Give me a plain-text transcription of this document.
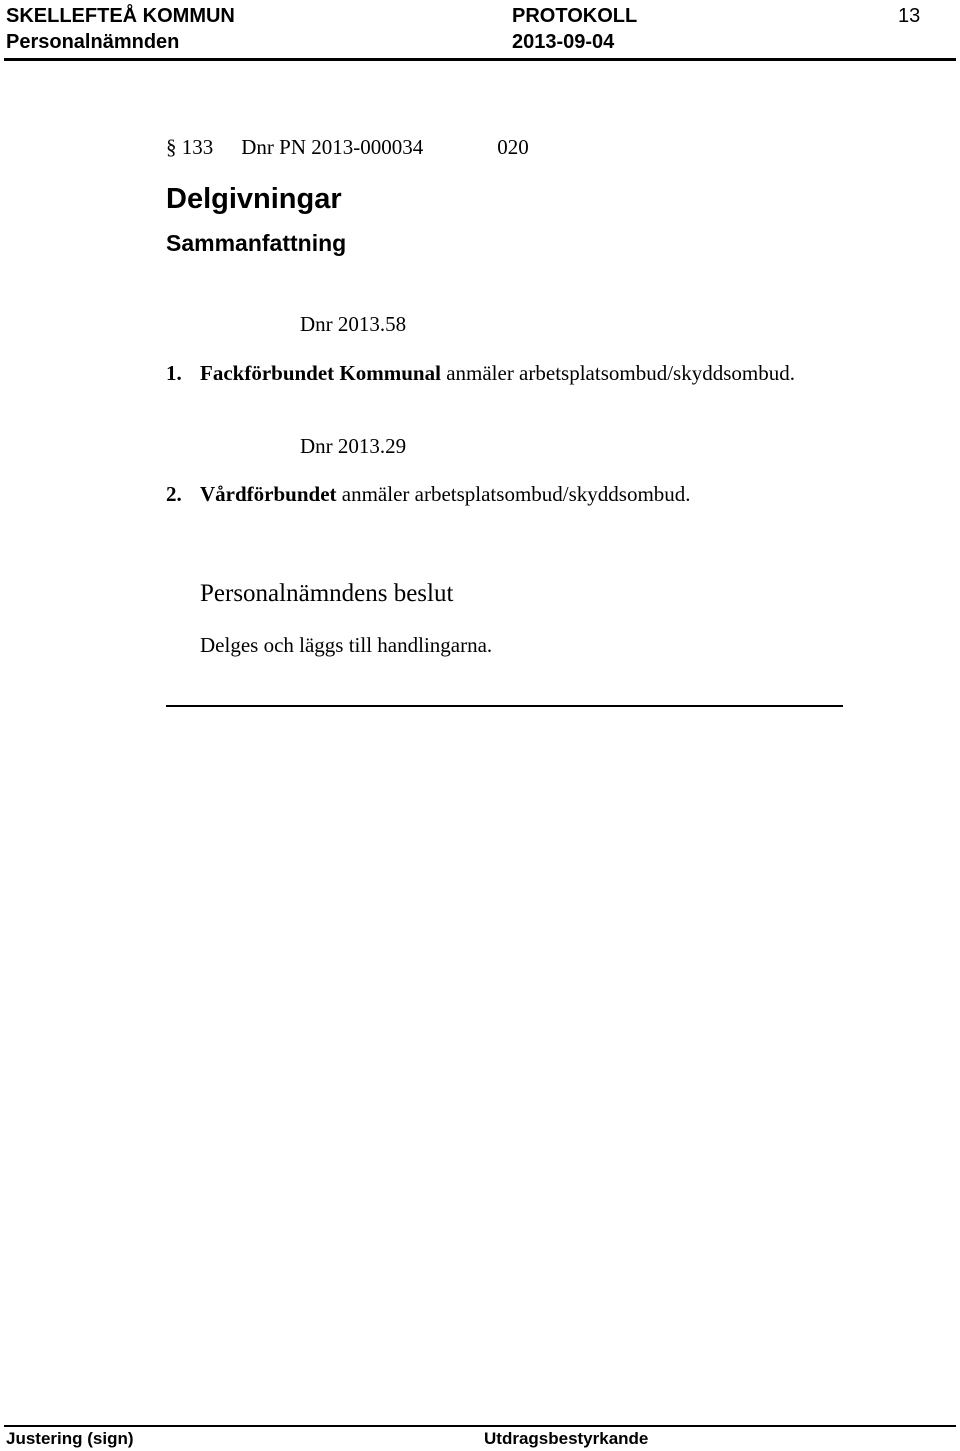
SKELLEFTEÅ KOMMUN
Personalnämnden
PROTOKOLL
2013-09-04
13
§ 133 Dnr PN 2013-000034	020
Delgivningar
Sammanfattning
Dnr 2013.58
1. Fackförbundet Kommunal anmäler arbetsplatsombud/skyddsombud.
Dnr 2013.29
2. Vårdförbundet anmäler arbetsplatsombud/skyddsombud.
Personalnämndens beslut
Delges och läggs till handlingarna.
Justering (sign)	Utdragsbestyrkande
